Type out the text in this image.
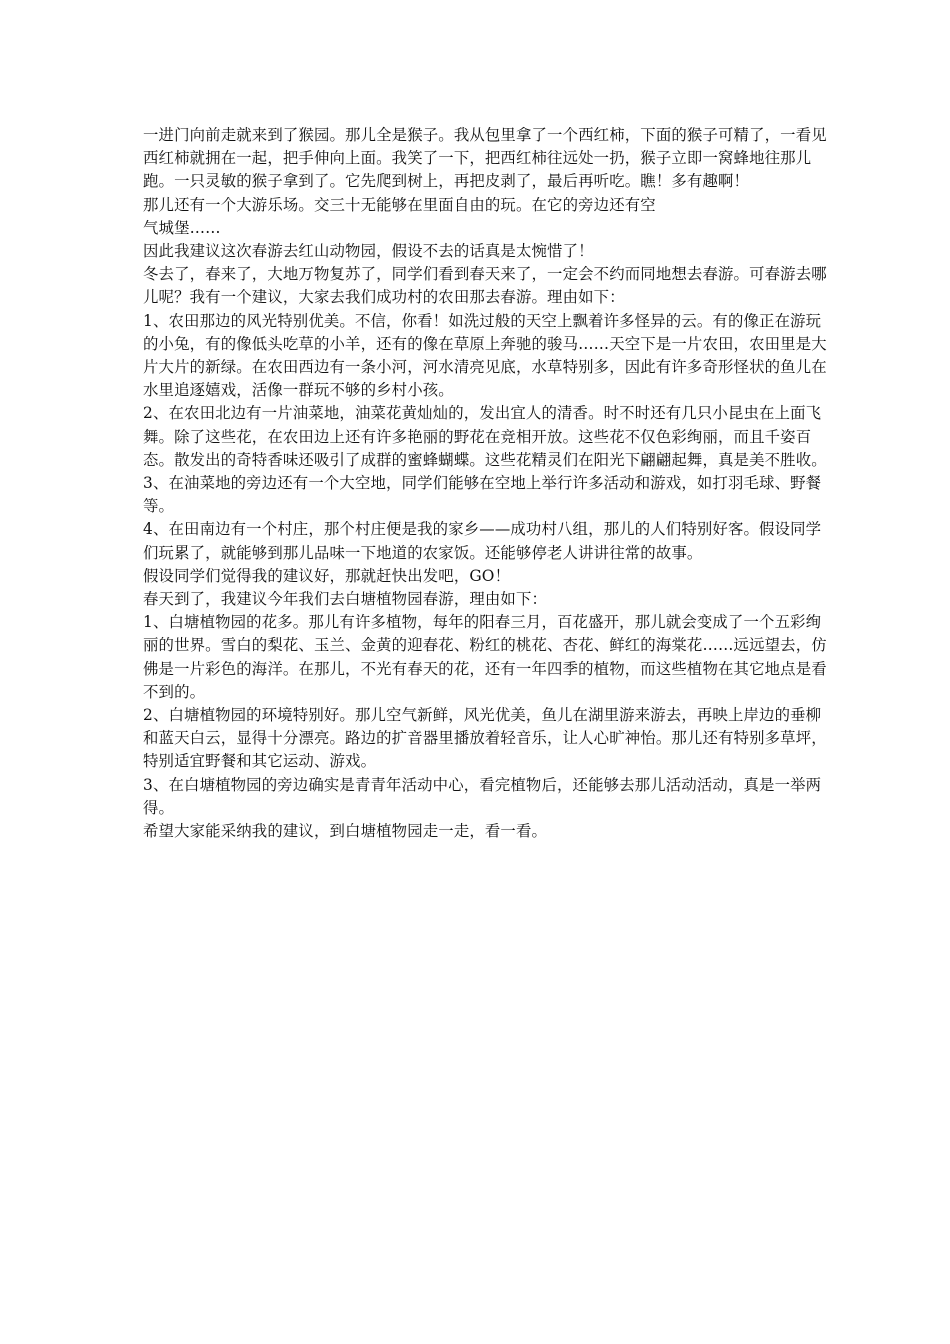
一进门向前走就来到了猴园。那儿全是猴子。我从包里拿了一个西红柿，下面的猴子可精了，一看见西红柿就拥在一起，把手伸向上面。我笑了一下，把西红柿往远处一扔，猴子立即一窝蜂地往那儿跑。一只灵敏的猴子拿到了。它先爬到树上，再把皮剥了，最后再听吃。瞧！多有趣啊！

那儿还有一个大游乐场。交三十无能够在里面自由的玩。在它的旁边还有空

气城堡……

因此我建议这次春游去红山动物园，假设不去的话真是太惋惜了！

冬去了，春来了，大地万物复苏了，同学们看到春天来了，一定会不约而同地想去春游。可春游去哪儿呢？我有一个建议，大家去我们成功村的农田那去春游。理由如下：

1、农田那边的风光特别优美。不信，你看！如洗过般的天空上飘着许多怪异的云。有的像正在游玩的小兔，有的像低头吃草的小羊，还有的像在草原上奔驰的骏马……天空下是一片农田，农田里是大片大片的新绿。在农田西边有一条小河，河水清亮见底，水草特别多，因此有许多奇形怪状的鱼儿在水里追逐嬉戏，活像一群玩不够的乡村小孩。

2、在农田北边有一片油菜地，油菜花黄灿灿的，发出宜人的清香。时不时还有几只小昆虫在上面飞舞。除了这些花，在农田边上还有许多艳丽的野花在竞相开放。这些花不仅色彩绚丽，而且千姿百态。散发出的奇特香味还吸引了成群的蜜蜂蝴蝶。这些花精灵们在阳光下翩翩起舞，真是美不胜收。

3、在油菜地的旁边还有一个大空地，同学们能够在空地上举行许多活动和游戏，如打羽毛球、野餐等。

4、在田南边有一个村庄，那个村庄便是我的家乡——成功村八组，那儿的人们特别好客。假设同学们玩累了，就能够到那儿品味一下地道的农家饭。还能够停老人讲讲往常的故事。

假设同学们觉得我的建议好，那就赶快出发吧，GO！

春天到了，我建议今年我们去白塘植物园春游，理由如下：

1、白塘植物园的花多。那儿有许多植物，每年的阳春三月，百花盛开，那儿就会变成了一个五彩绚丽的世界。雪白的梨花、玉兰、金黄的迎春花、粉红的桃花、杏花、鲜红的海棠花……远远望去，仿佛是一片彩色的海洋。在那儿，不光有春天的花，还有一年四季的植物，而这些植物在其它地点是看不到的。

2、白塘植物园的环境特别好。那儿空气新鲜，风光优美，鱼儿在湖里游来游去，再映上岸边的垂柳和蓝天白云，显得十分漂亮。路边的扩音器里播放着轻音乐，让人心旷神怡。那儿还有特别多草坪，特别适宜野餐和其它运动、游戏。

3、在白塘植物园的旁边确实是青青年活动中心，看完植物后，还能够去那儿活动活动，真是一举两得。

希望大家能采纳我的建议，到白塘植物园走一走，看一看。
